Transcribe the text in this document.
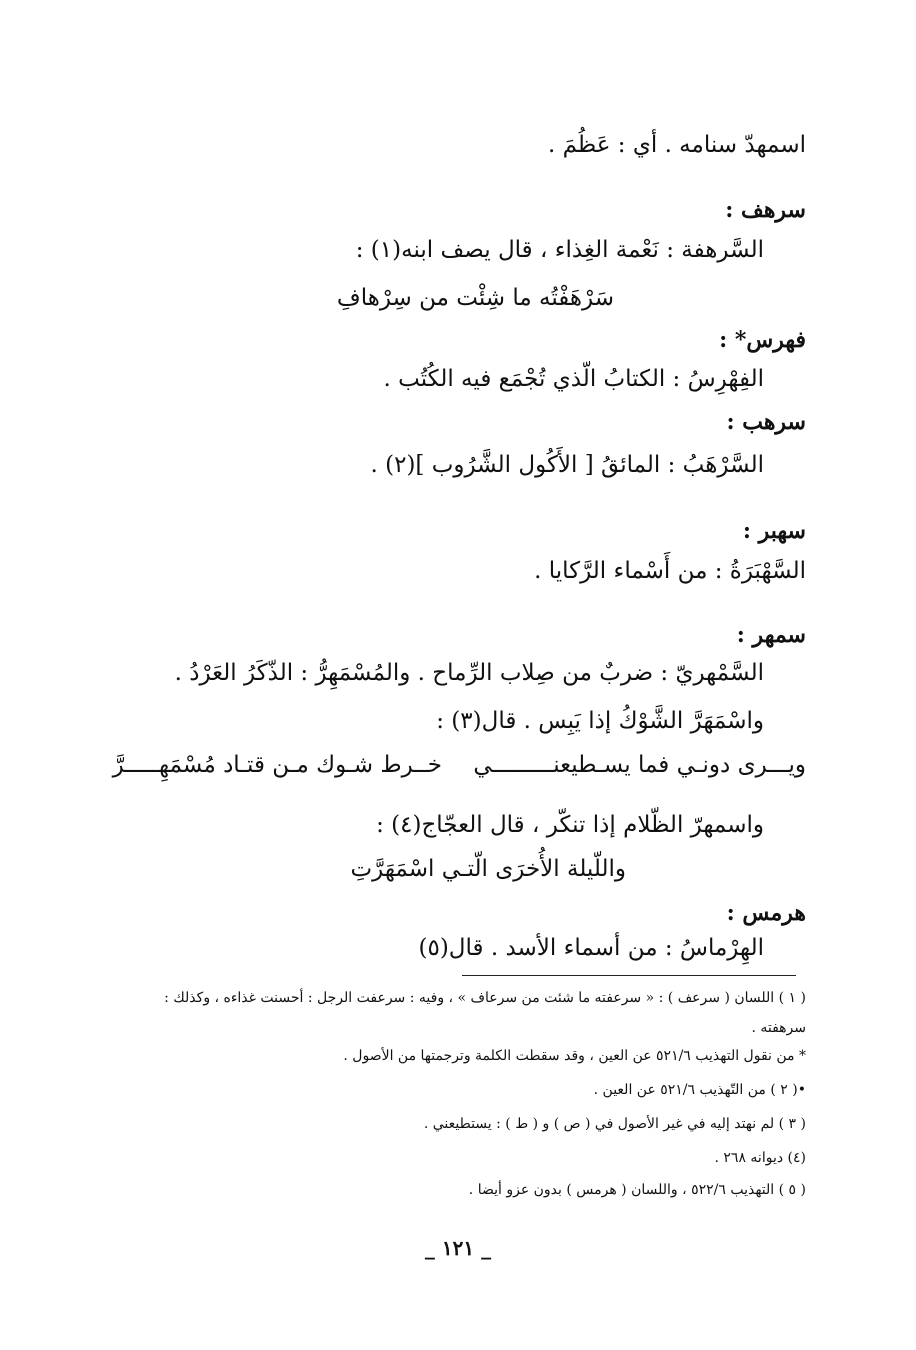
اسمهدّ سنامه . أي : عَظُمَ .
سرهف :
السَّرهفة : نَعْمة الغِذاء ، قال يصف ابنه(١) :
سَرْهَفْتُه ما شِئْت من سِرْهافِ
فهرس* :
الفِهْرِسُ : الكتابُ الّذي تُجْمَع فيه الكُتُب .
سرهب :
السَّرْهَبُ : المائقُ [ الأَكُول الشَّرُوب ](٢) .
سهبر :
السَّهْبَرَةُ : من أَسْماء الرَّكايا .
سمهر :
السَّمْهريّ : ضربٌ من صِلاب الرِّماح . والمُسْمَهِرُّ : الذّكَرُ العَرْدُ .
واسْمَهَرَّ الشَّوْكُ إذا يَبِس . قال(٣) :
ويـــرى دونـي فما يسـطيعنـــــــــي
خــرط شـوك مـن قتـاد مُسْمَهِـــــرَّ
واسمهرّ الظّلام إذا تنكّر ، قال العجّاج(٤) :
واللّيلة الأُخرَى الّتـي اسْمَهَرَّتِ
هرمس :
الهِرْماسُ : من أسماء الأسد . قال(٥)
( ١ ) اللسان ( سرعف ) : « سرعفته ما شئت من سرعاف » ، وفيه : سرعفت الرجل : أحسنت غذاءه ، وكذلك :
سرهفته .
* من نقول التهذيب ٥٢١/٦ عن العين ، وقد سقطت الكلمة وترجمتها من الأصول .
•( ٢ ) من التّهذيب ٥٢١/٦ عن العين .
( ٣ ) لم نهتد إليه في غير الأصول في ( ص ) و ( ط ) : يستطيعني .
(٤) ديوانه ٢٦٨ .
( ٥ ) التهذيب ٥٢٢/٦ ، واللسان ( هرمس ) بدون عزو أيضا .
_ ١٢١ _
